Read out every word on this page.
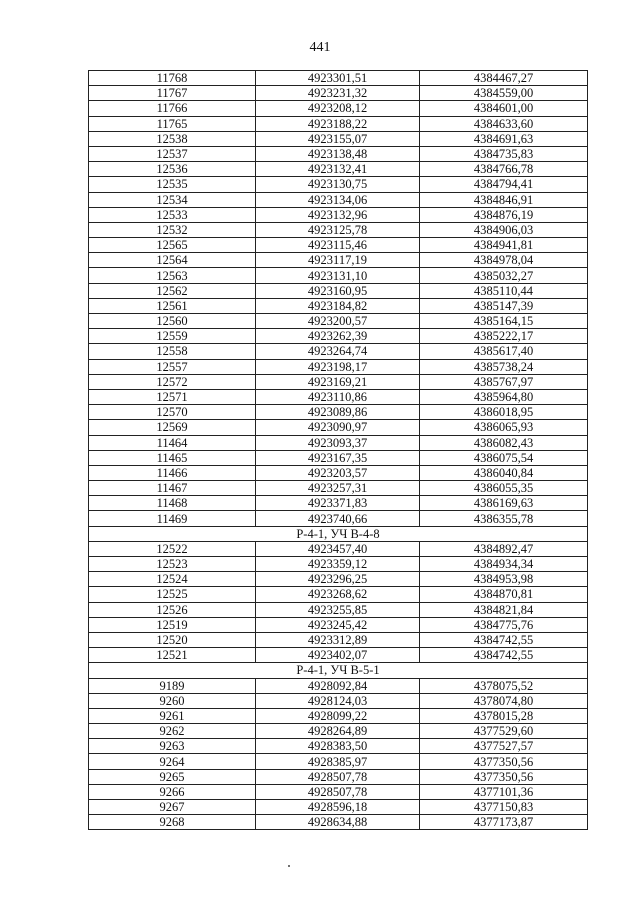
441
11768	4923301,51	4384467,27
11767	4923231,32	4384559,00
11766	4923208,12	4384601,00
11765	4923188,22	4384633,60
12538	4923155,07	4384691,63
12537	4923138,48	4384735,83
12536	4923132,41	4384766,78
12535	4923130,75	4384794,41
12534	4923134,06	4384846,91
12533	4923132,96	4384876,19
12532	4923125,78	4384906,03
12565	4923115,46	4384941,81
12564	4923117,19	4384978,04
12563	4923131,10	4385032,27
12562	4923160,95	4385110,44
12561	4923184,82	4385147,39
12560	4923200,57	4385164,15
12559	4923262,39	4385222,17
12558	4923264,74	4385617,40
12557	4923198,17	4385738,24
12572	4923169,21	4385767,97
12571	4923110,86	4385964,80
12570	4923089,86	4386018,95
12569	4923090,97	4386065,93
11464	4923093,37	4386082,43
11465	4923167,35	4386075,54
11466	4923203,57	4386040,84
11467	4923257,31	4386055,35
11468	4923371,83	4386169,63
11469	4923740,66	4386355,78
Р-4-1, УЧ В-4-8		
12522	4923457,40	4384892,47
12523	4923359,12	4384934,34
12524	4923296,25	4384953,98
12525	4923268,62	4384870,81
12526	4923255,85	4384821,84
12519	4923245,42	4384775,76
12520	4923312,89	4384742,55
12521	4923402,07	4384742,55
Р-4-1, УЧ В-5-1		
9189	4928092,84	4378075,52
9260	4928124,03	4378074,80
9261	4928099,22	4378015,28
9262	4928264,89	4377529,60
9263	4928383,50	4377527,57
9264	4928385,97	4377350,56
9265	4928507,78	4377350,56
9266	4928507,78	4377101,36
9267	4928596,18	4377150,83
9268	4928634,88	4377173,87
